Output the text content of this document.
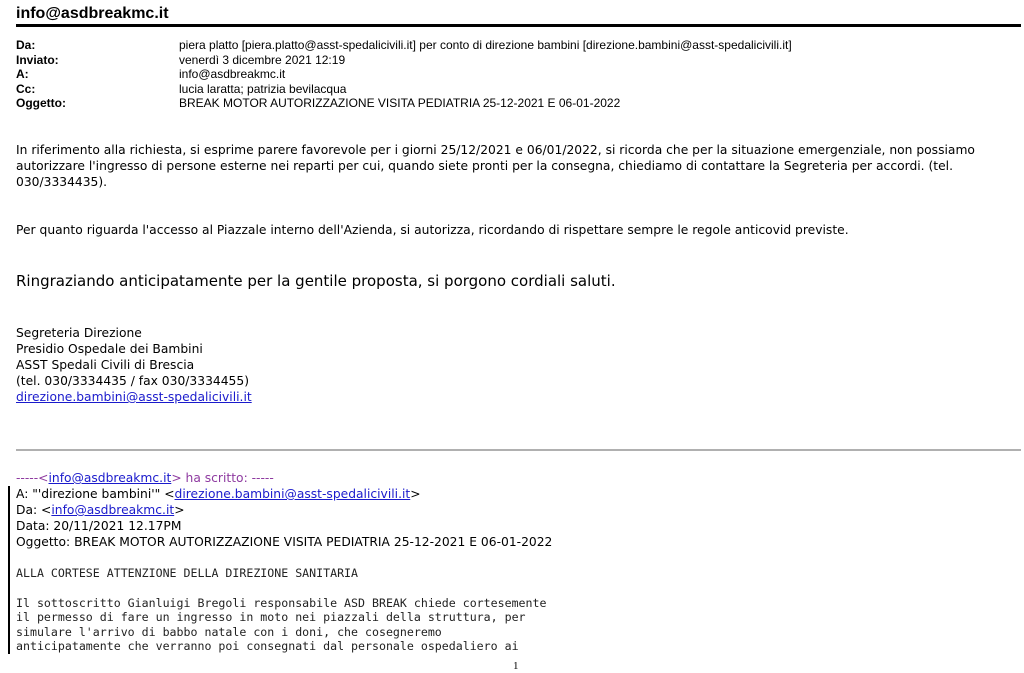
info@asdbreakmc.it
Da:	piera platto [piera.platto@asst-spedalicivili.it] per conto di direzione bambini [direzione.bambini@asst-spedalicivili.it]
Inviato:	venerdì 3 dicembre 2021 12:19
A:	info@asdbreakmc.it
Cc:	lucia laratta; patrizia bevilacqua
Oggetto:	BREAK MOTOR AUTORIZZAZIONE VISITA PEDIATRIA 25-12-2021 E 06-01-2022
In riferimento alla richiesta, si esprime parere favorevole per i giorni 25/12/2021 e 06/01/2022, si ricorda che per la situazione emergenziale, non possiamo autorizzare l'ingresso di persone esterne nei reparti per cui, quando siete pronti per la consegna, chiediamo di contattare la Segreteria per accordi. (tel. 030/3334435).
Per quanto riguarda l'accesso al Piazzale interno dell'Azienda, si autorizza, ricordando di rispettare sempre le regole anticovid previste.
Ringraziando anticipatamente per la gentile proposta, si porgono cordiali saluti.
Segreteria Direzione
Presidio Ospedale dei Bambini
ASST Spedali Civili di Brescia
(tel. 030/3334435 / fax 030/3334455)
direzione.bambini@asst-spedalicivili.it
-----<info@asdbreakmc.it> ha scritto: -----
A: "'direzione bambini'" <direzione.bambini@asst-spedalicivili.it>
Da: <info@asdbreakmc.it>
Data: 20/11/2021 12.17PM
Oggetto: BREAK MOTOR AUTORIZZAZIONE VISITA PEDIATRIA 25-12-2021 E 06-01-2022
ALLA CORTESE ATTENZIONE DELLA DIREZIONE SANITARIA
Il sottoscritto Gianluigi Bregoli responsabile ASD BREAK chiede cortesemente
il permesso di fare un ingresso in moto nei piazzali della struttura, per
simulare l'arrivo di babbo natale con i doni, che cosegneremo
anticipatamente che verranno poi consegnati dal personale ospedaliero ai
1
